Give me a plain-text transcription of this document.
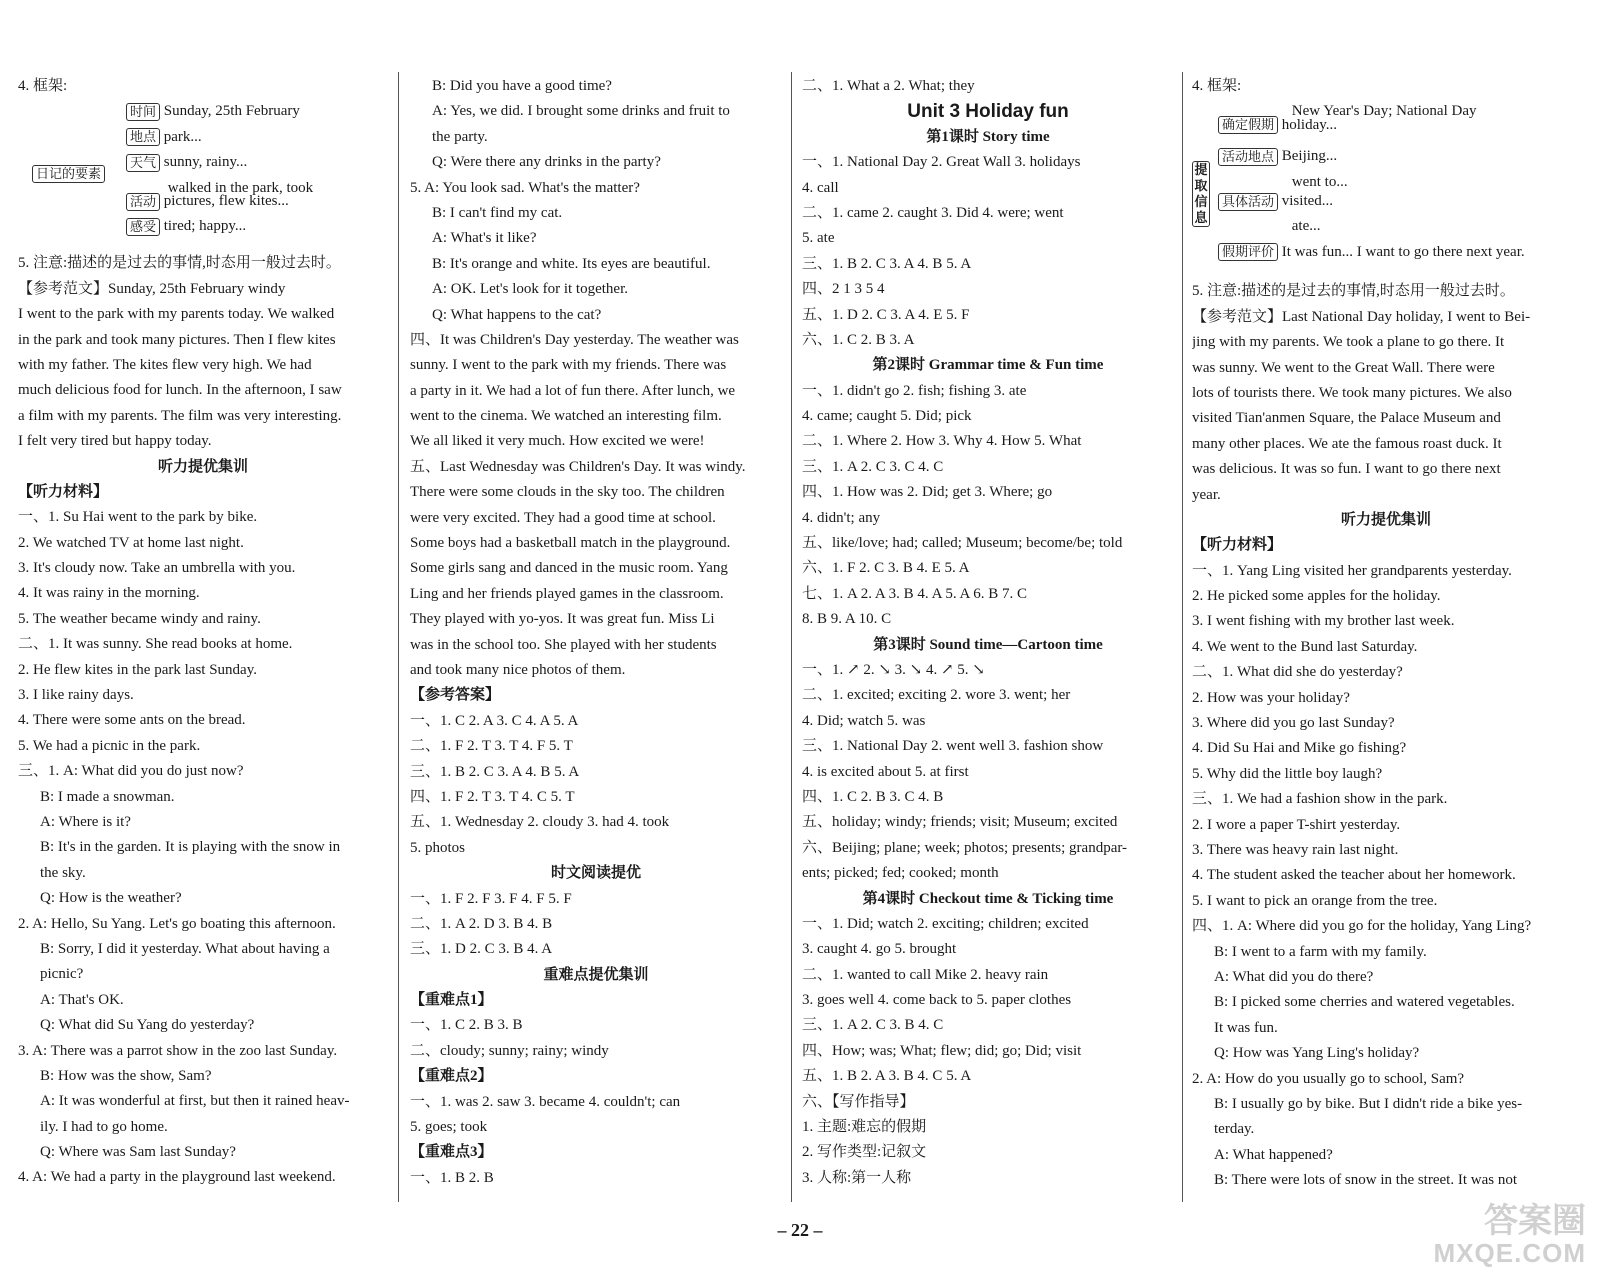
4. 框架:
日记的要素
时间 Sunday, 25th February
地点 park...
天气 sunny, rainy...
walked in the park, took
活动 pictures, flew kites...
感受 tired; happy...
5. 注意:描述的是过去的事情,时态用一般过去时。
【参考范文】Sunday, 25th February windy
I went to the park with my parents today. We walked
in the park and took many pictures. Then I flew kites
with my father. The kites flew very high. We had
much delicious food for lunch. In the afternoon, I saw
a film with my parents. The film was very interesting.
I felt very tired but happy today.
听力提优集训
【听力材料】
一、1. Su Hai went to the park by bike.
2. We watched TV at home last night.
3. It's cloudy now. Take an umbrella with you.
4. It was rainy in the morning.
5. The weather became windy and rainy.
二、1. It was sunny. She read books at home.
2. He flew kites in the park last Sunday.
3. I like rainy days.
4. There were some ants on the bread.
5. We had a picnic in the park.
三、1. A: What did you do just now?
B: I made a snowman.
A: Where is it?
B: It's in the garden. It is playing with the snow in
the sky.
Q: How is the weather?
2. A: Hello, Su Yang. Let's go boating this afternoon.
B: Sorry, I did it yesterday. What about having a
picnic?
A: That's OK.
Q: What did Su Yang do yesterday?
3. A: There was a parrot show in the zoo last Sunday.
B: How was the show, Sam?
A: It was wonderful at first, but then it rained heav-
ily. I had to go home.
Q: Where was Sam last Sunday?
4. A: We had a party in the playground last weekend.
B: Did you have a good time?
A: Yes, we did. I brought some drinks and fruit to
the party.
Q: Were there any drinks in the party?
5. A: You look sad. What's the matter?
B: I can't find my cat.
A: What's it like?
B: It's orange and white. Its eyes are beautiful.
A: OK. Let's look for it together.
Q: What happens to the cat?
四、It was Children's Day yesterday. The weather was
sunny. I went to the park with my friends. There was
a party in it. We had a lot of fun there. After lunch, we
went to the cinema. We watched an interesting film.
We all liked it very much. How excited we were!
五、Last Wednesday was Children's Day. It was windy.
There were some clouds in the sky too. The children
were very excited. They had a good time at school.
Some boys had a basketball match in the playground.
Some girls sang and danced in the music room. Yang
Ling and her friends played games in the classroom.
They played with yo-yos. It was great fun. Miss Li
was in the school too. She played with her students
and took many nice photos of them.
【参考答案】
一、1. C 2. A 3. C 4. A 5. A
二、1. F 2. T 3. T 4. F 5. T
三、1. B 2. C 3. A 4. B 5. A
四、1. F 2. T 3. T 4. C 5. T
五、1. Wednesday 2. cloudy 3. had 4. took
5. photos
时文阅读提优
一、1. F 2. F 3. F 4. F 5. F
二、1. A 2. D 3. B 4. B
三、1. D 2. C 3. B 4. A
重难点提优集训
【重难点1】
一、1. C 2. B 3. B
二、cloudy; sunny; rainy; windy
【重难点2】
一、1. was 2. saw 3. became 4. couldn't; can
5. goes; took
【重难点3】
一、1. B 2. B
二、1. What a 2. What; they
Unit 3 Holiday fun
第1课时 Story time
一、1. National Day 2. Great Wall 3. holidays
4. call
二、1. came 2. caught 3. Did 4. were; went
5. ate
三、1. B 2. C 3. A 4. B 5. A
四、2 1 3 5 4
五、1. D 2. C 3. A 4. E 5. F
六、1. C 2. B 3. A
第2课时 Grammar time & Fun time
一、1. didn't go 2. fish; fishing 3. ate
4. came; caught 5. Did; pick
二、1. Where 2. How 3. Why 4. How 5. What
三、1. A 2. C 3. C 4. C
四、1. How was 2. Did; get 3. Where; go
4. didn't; any
五、like/love; had; called; Museum; become/be; told
六、1. F 2. C 3. B 4. E 5. A
七、1. A 2. A 3. B 4. A 5. A 6. B 7. C
8. B 9. A 10. C
第3课时 Sound time—Cartoon time
一、1. ↗ 2. ↘ 3. ↘ 4. ↗ 5. ↘
二、1. excited; exciting 2. wore 3. went; her
4. Did; watch 5. was
三、1. National Day 2. went well 3. fashion show
4. is excited about 5. at first
四、1. C 2. B 3. C 4. B
五、holiday; windy; friends; visit; Museum; excited
六、Beijing; plane; week; photos; presents; grandpar-
ents; picked; fed; cooked; month
第4课时 Checkout time & Ticking time
一、1. Did; watch 2. exciting; children; excited
3. caught 4. go 5. brought
二、1. wanted to call Mike 2. heavy rain
3. goes well 4. come back to 5. paper clothes
三、1. A 2. C 3. B 4. C
四、How; was; What; flew; did; go; Did; visit
五、1. B 2. A 3. B 4. C 5. A
六、【写作指导】
1. 主题:难忘的假期
2. 写作类型:记叙文
3. 人称:第一人称
4. 框架:
提取信息
New Year's Day; National Day
确定假期 holiday...
活动地点 Beijing...
went to...
具体活动 visited...
ate...
假期评价 It was fun... I want to go there next year.
5. 注意:描述的是过去的事情,时态用一般过去时。
【参考范文】Last National Day holiday, I went to Bei-
jing with my parents. We took a plane to go there. It
was sunny. We went to the Great Wall. There were
lots of tourists there. We took many pictures. We also
visited Tian'anmen Square, the Palace Museum and
many other places. We ate the famous roast duck. It
was delicious. It was so fun. I want to go there next
year.
听力提优集训
【听力材料】
一、1. Yang Ling visited her grandparents yesterday.
2. He picked some apples for the holiday.
3. I went fishing with my brother last week.
4. We went to the Bund last Saturday.
二、1. What did she do yesterday?
2. How was your holiday?
3. Where did you go last Sunday?
4. Did Su Hai and Mike go fishing?
5. Why did the little boy laugh?
三、1. We had a fashion show in the park.
2. I wore a paper T-shirt yesterday.
3. There was heavy rain last night.
4. The student asked the teacher about her homework.
5. I want to pick an orange from the tree.
四、1. A: Where did you go for the holiday, Yang Ling?
B: I went to a farm with my family.
A: What did you do there?
B: I picked some cherries and watered vegetables.
It was fun.
Q: How was Yang Ling's holiday?
2. A: How do you usually go to school, Sam?
B: I usually go by bike. But I didn't ride a bike yes-
terday.
A: What happened?
B: There were lots of snow in the street. It was not
– 22 –	答案圈
MXQE.COM
